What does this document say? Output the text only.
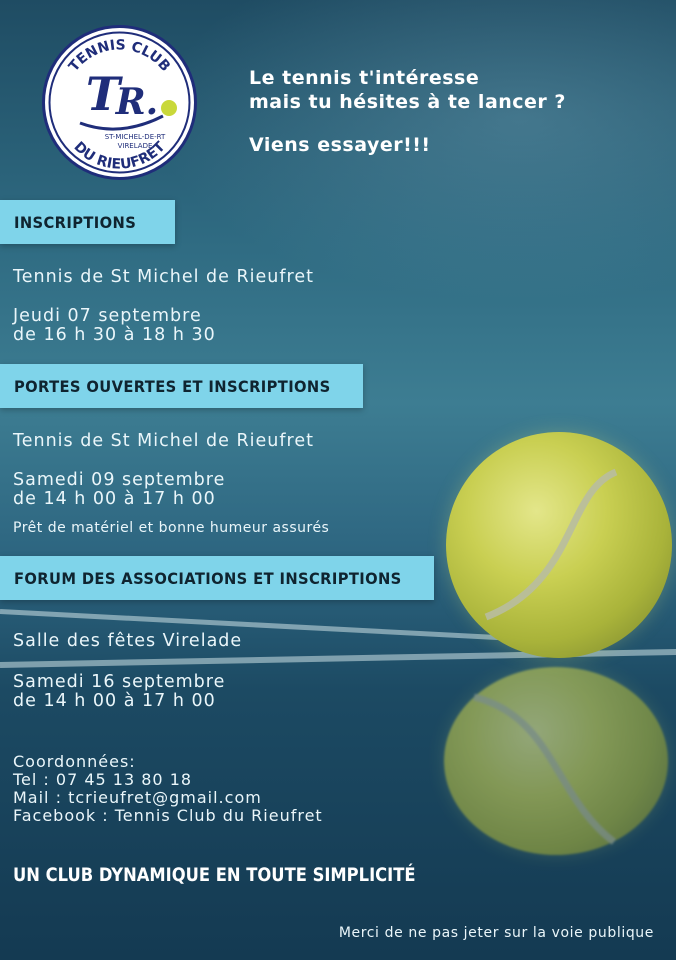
TENNIS CLUB
DU RIEUFRET
T
R.
ST-MICHEL-DE-RT
VIRELADE

Le tennis t'intéresse

mais tu hésites à te lancer ?

Viens essayer!!!

INSCRIPTIONS

Tennis de St Michel de Rieufret

Jeudi 07 septembre

de 16 h 30 à 18 h 30

PORTES OUVERTES ET INSCRIPTIONS

Tennis de St Michel de Rieufret

Samedi 09 septembre

de 14 h 00 à 17 h 00

Prêt de matériel et bonne humeur assurés

FORUM DES ASSOCIATIONS ET INSCRIPTIONS

Salle des fêtes Virelade

Samedi 16 septembre

de 14 h 00 à 17 h 00

Coordonnées:

Tel : 07 45 13 80 18

Mail : tcrieufret@gmail.com

Facebook : Tennis Club du Rieufret

UN CLUB DYNAMIQUE EN TOUTE SIMPLICITÉ

Merci de ne pas jeter sur la voie publique
